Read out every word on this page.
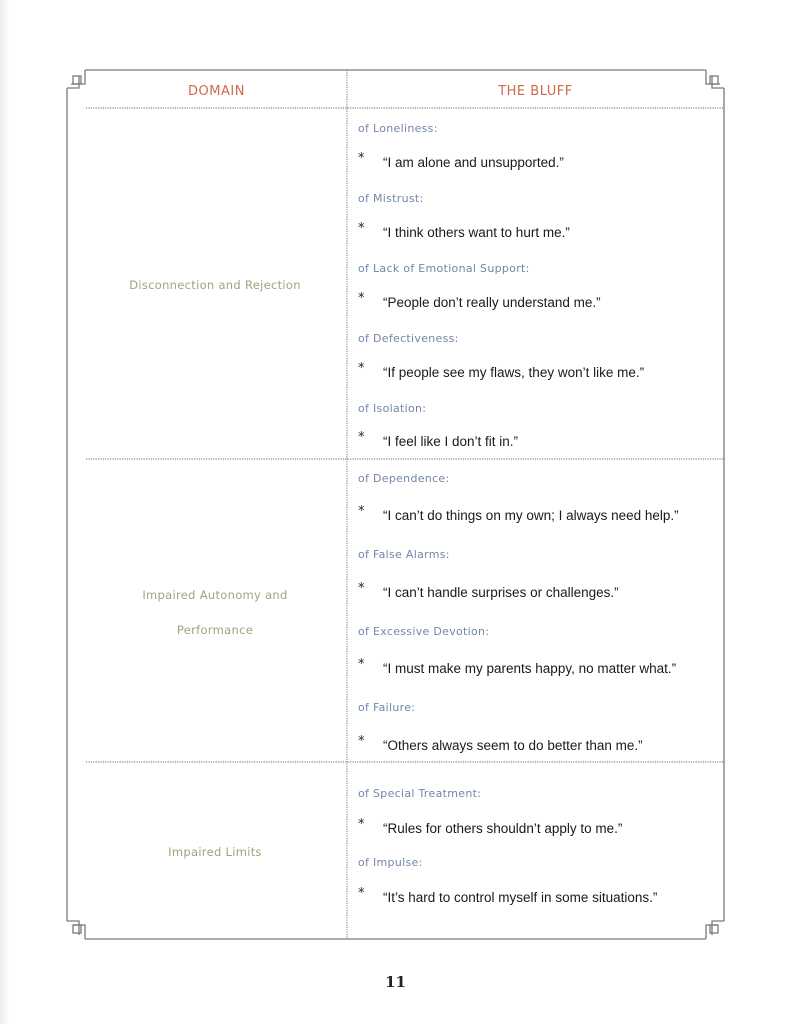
DOMAIN	THE BLUFF
Disconnection and Rejection
of Loneliness:
* “I am alone and unsupported.”
of Mistrust:
* “I think others want to hurt me.”
of Lack of Emotional Support:
* “People don’t really understand me.”
of Defectiveness:
* “If people see my flaws, they won’t like me.”
of Isolation:
* “I feel like I don’t fit in.”
Impaired Autonomy and
Performance
of Dependence:
* “I can’t do things on my own; I always need help.”
of False Alarms:
* “I can’t handle surprises or challenges.”
of Excessive Devotion:
* “I must make my parents happy, no matter what.”
of Failure:
* “Others always seem to do better than me.”
Impaired Limits
of Special Treatment:
* “Rules for others shouldn’t apply to me.”
of Impulse:
* “It’s hard to control myself in some situations.”
11
